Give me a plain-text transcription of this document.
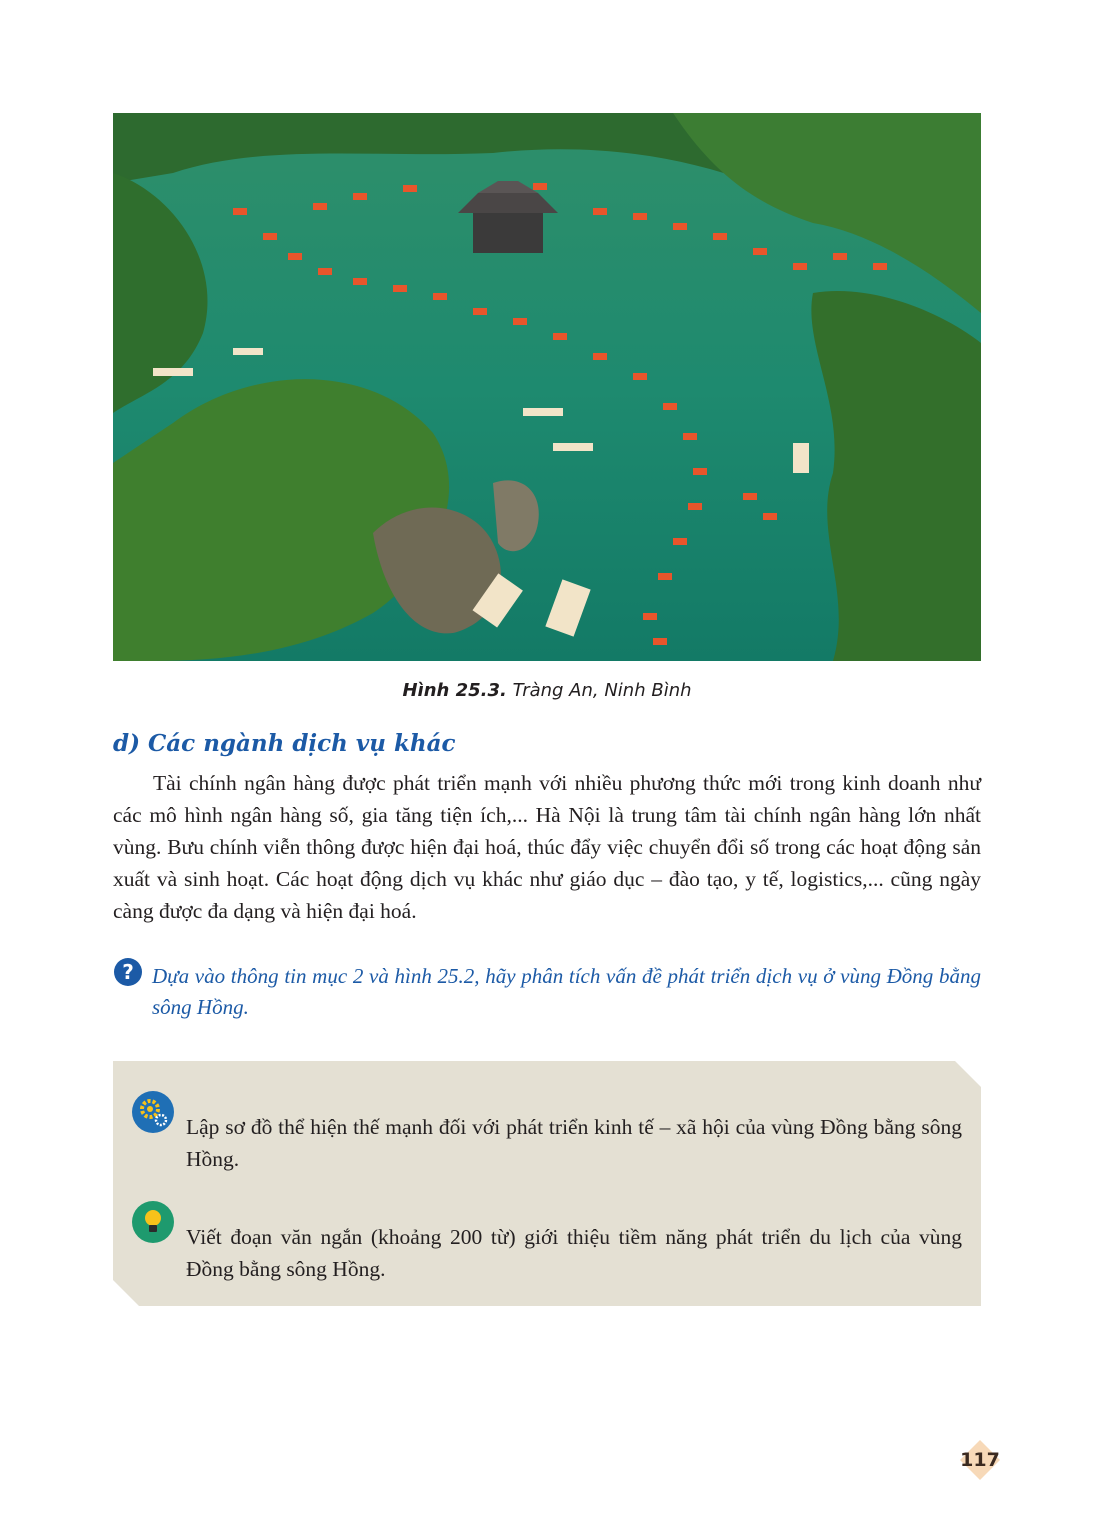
Hình 25.3. Tràng An, Ninh Bình
d) Các ngành dịch vụ khác
Tài chính ngân hàng được phát triển mạnh với nhiều phương thức mới trong kinh doanh như các mô hình ngân hàng số, gia tăng tiện ích,... Hà Nội là trung tâm tài chính ngân hàng lớn nhất vùng. Bưu chính viễn thông được hiện đại hoá, thúc đẩy việc chuyển đổi số trong các hoạt động sản xuất và sinh hoạt. Các hoạt động dịch vụ khác như giáo dục – đào tạo, y tế, logistics,... cũng ngày càng được đa dạng và hiện đại hoá.
? Dựa vào thông tin mục 2 và hình 25.2, hãy phân tích vấn đề phát triển dịch vụ ở vùng Đồng bằng sông Hồng.
Lập sơ đồ thể hiện thế mạnh đối với phát triển kinh tế – xã hội của vùng Đồng bằng sông Hồng.
Viết đoạn văn ngắn (khoảng 200 từ) giới thiệu tiềm năng phát triển du lịch của vùng Đồng bằng sông Hồng.
117
